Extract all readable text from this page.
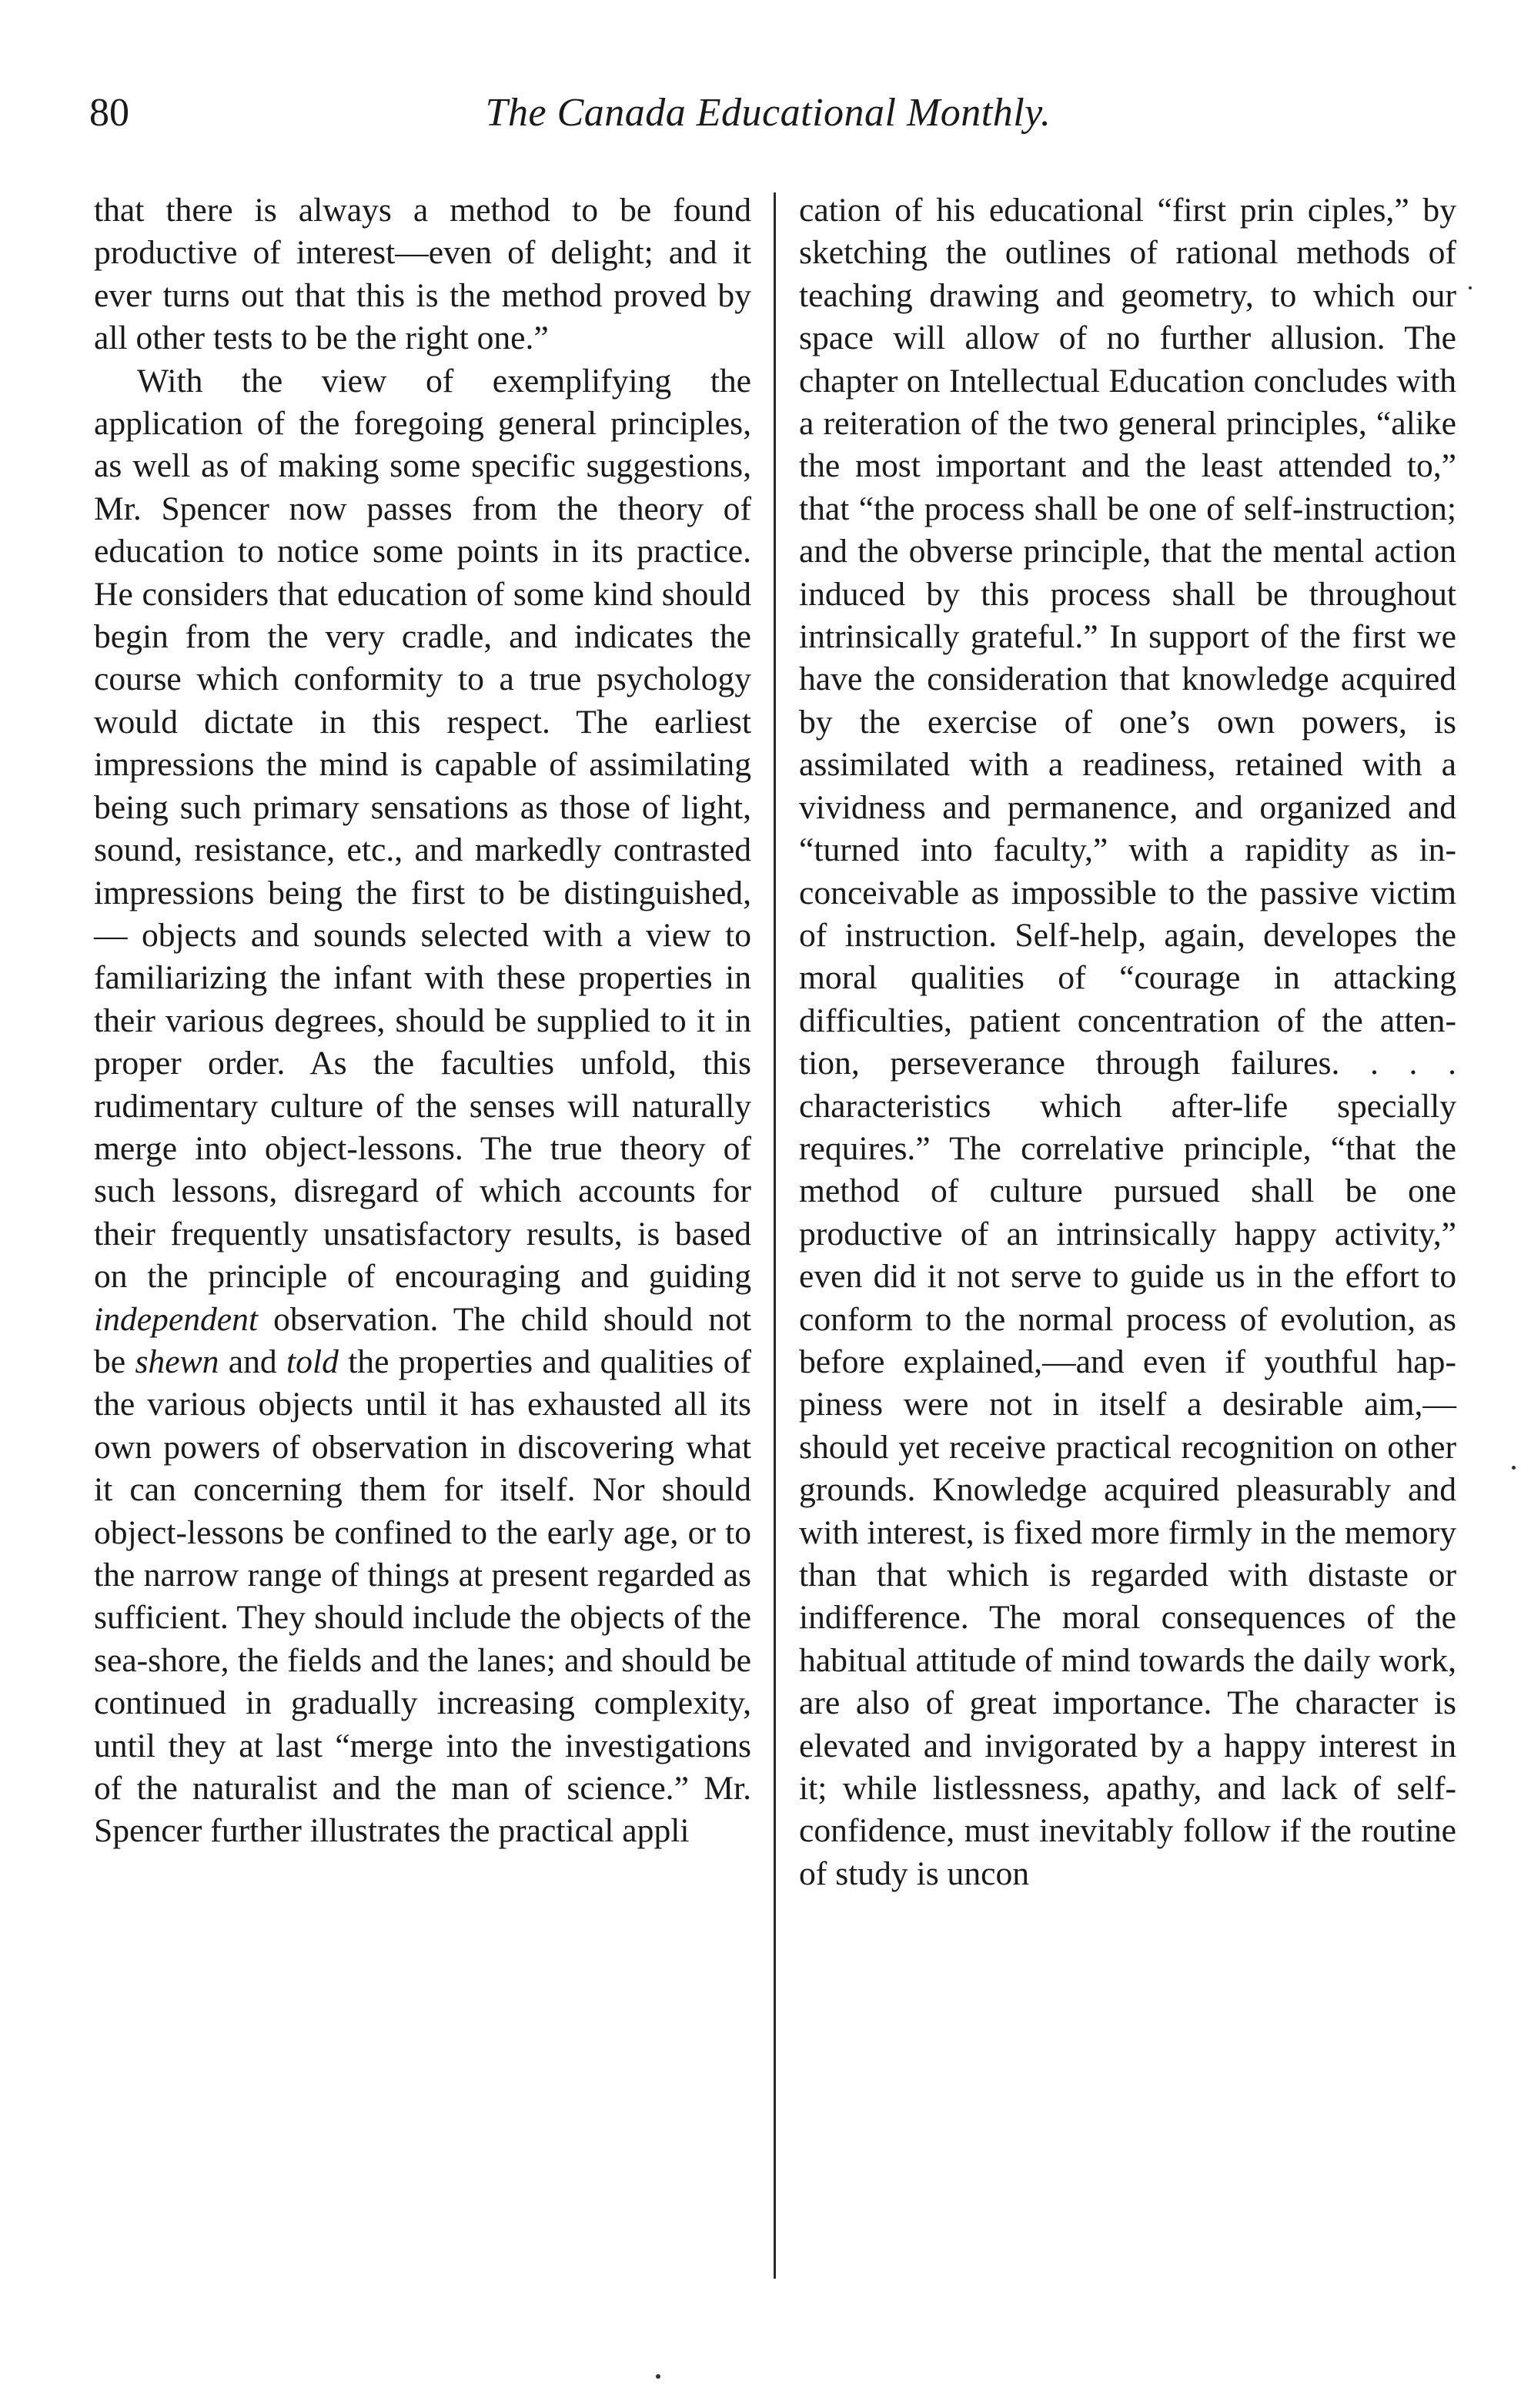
80	The Canada Educational Monthly.

that there is always a method to be found productive of interest—even of delight; and it ever turns out that this is the method proved by all other tests to be the right one.”

With the view of exemplifying the application of the foregoing general principles, as well as of making some specific suggestions, Mr. Spencer now passes from the theory of education to notice some points in its practice. He considers that education of some kind should begin from the very cradle, and indicates the course which conformity to a true psychology would dictate in this respect. The earliest impressions the mind is capable of assimilating being such primary sensations as those of light, sound, resistance, etc., and markedly contrasted impressions being the first to be distinguished,— objects and sounds selected with a view to familiarizing the infant with these properties in their various degrees, should be supplied to it in proper order. As the faculties unfold, this rudimentary culture of the senses will naturally merge into object-lessons. The true theory of such lessons, disregard of which accounts for their frequently unsatisfactory results, is based on the principle of encouraging and guiding independent observation. The child should not be shewn and told the properties and qualities of the various objects until it has exhausted all its own powers of observation in discovering what it can concerning them for itself. Nor should object-lessons be confined to the early age, or to the narrow range of things at present regarded as sufficient. They should include the objects of the sea-shore, the fields and the lanes; and should be continued in gradually increasing complexity, until they at last “merge into the investigations of the naturalist and the man of science.” Mr. Spencer further illustrates the practical appli

cation of his educational “first prin ciples,” by sketching the outlines of rational methods of teaching drawing and geometry, to which our space will allow of no further allusion. The chapter on Intellectual Education concludes with a reiteration of the two general principles, “alike the most important and the least attended to,” that “the process shall be one of self-instruction; and the obverse principle, that the mental action induced by this process shall be throughout intrinsically grateful.” In support of the first we have the consideration that knowledge acquired by the exercise of one’s own powers, is assimilated with a readiness, retained with a vividness and permanence, and organized and “turned into faculty,” with a rapidity as inconceivable as impossible to the passive victim of instruction. Self-help, again, developes the moral qualities of “courage in attacking difficulties, patient concentration of the attention, perseverance through failures. . . . characteristics which after-life specially requires.” The correlative principle, “that the method of culture pursued shall be one productive of an intrinsically happy activity,” even did it not serve to guide us in the effort to conform to the normal process of evolution, as before explained,—and even if youthful happiness were not in itself a desirable aim,—should yet receive practical recognition on other grounds. Knowledge acquired pleasurably and with interest, is fixed more firmly in the memory than that which is regarded with distaste or indifference. The moral consequences of the habitual attitude of mind towards the daily work, are also of great importance. The character is elevated and invigorated by a happy interest in it; while listlessness, apathy, and lack of self-confidence, must inevitably follow if the routine of study is uncon
